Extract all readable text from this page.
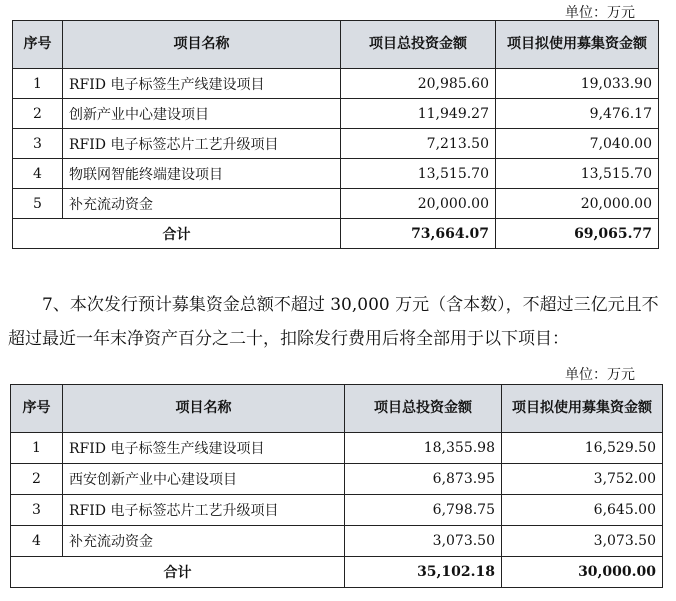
单位：万元
序号	项目名称	项目总投资金额	项目拟使用募集资金额
1	RFID 电子标签生产线建设项目	20,985.60	19,033.90
2	创新产业中心建设项目	11,949.27	9,476.17
3	RFID 电子标签芯片工艺升级项目	7,213.50	7,040.00
4	物联网智能终端建设项目	13,515.70	13,515.70
5	补充流动资金	20,000.00	20,000.00
合计		73,664.07	69,065.77
7、本次发行预计募集资金总额不超过 30,000 万元（含本数），不超过三亿元且不超过最近一年末净资产百分之二十，扣除发行费用后将全部用于以下项目：
单位：万元
序号	项目名称	项目总投资金额	项目拟使用募集资金额
1	RFID 电子标签生产线建设项目	18,355.98	16,529.50
2	西安创新产业中心建设项目	6,873.95	3,752.00
3	RFID 电子标签芯片工艺升级项目	6,798.75	6,645.00
4	补充流动资金	3,073.50	3,073.50
合计		35,102.18	30,000.00
